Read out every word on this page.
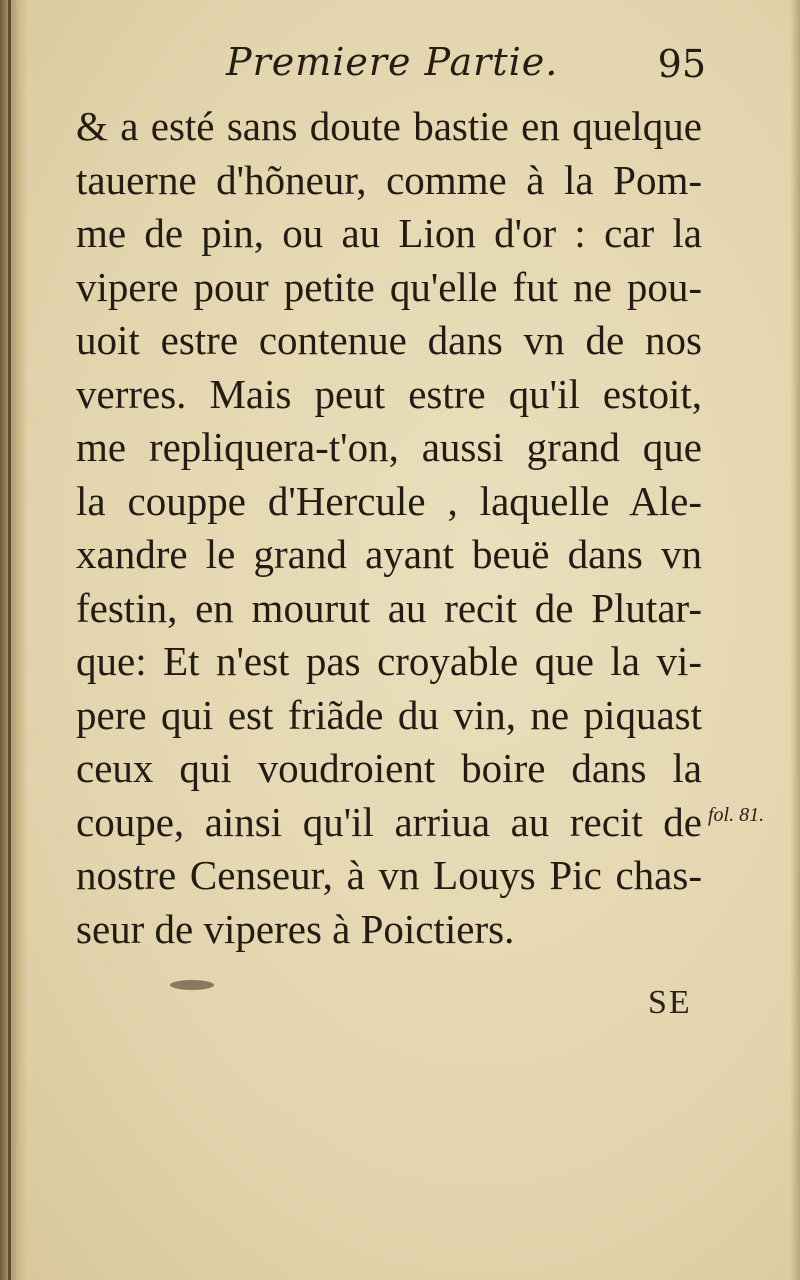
Premiere Partie.	95
& a esté sans doute bastie en quelque
tauerne d'hõneur, comme à la Pom-
me de pin, ou au Lion d'or : car la
vipere pour petite qu'elle fut ne pou-
uoit estre contenue dans vn de nos
verres. Mais peut estre qu'il estoit,
me repliquera-t'on, aussi grand que
la couppe d'Hercule , laquelle Ale-
xandre le grand ayant beuë dans vn
festin, en mourut au recit de Plutar-
que: Et n'est pas croyable que la vi-
pere qui est friãde du vin, ne piquast
ceux qui voudroient boire dans la
coupe, ainsi qu'il arriua au recit de
nostre Censeur, à vn Louys Pic chas-
seur de viperes à Poictiers.
fol. 81.
SE
